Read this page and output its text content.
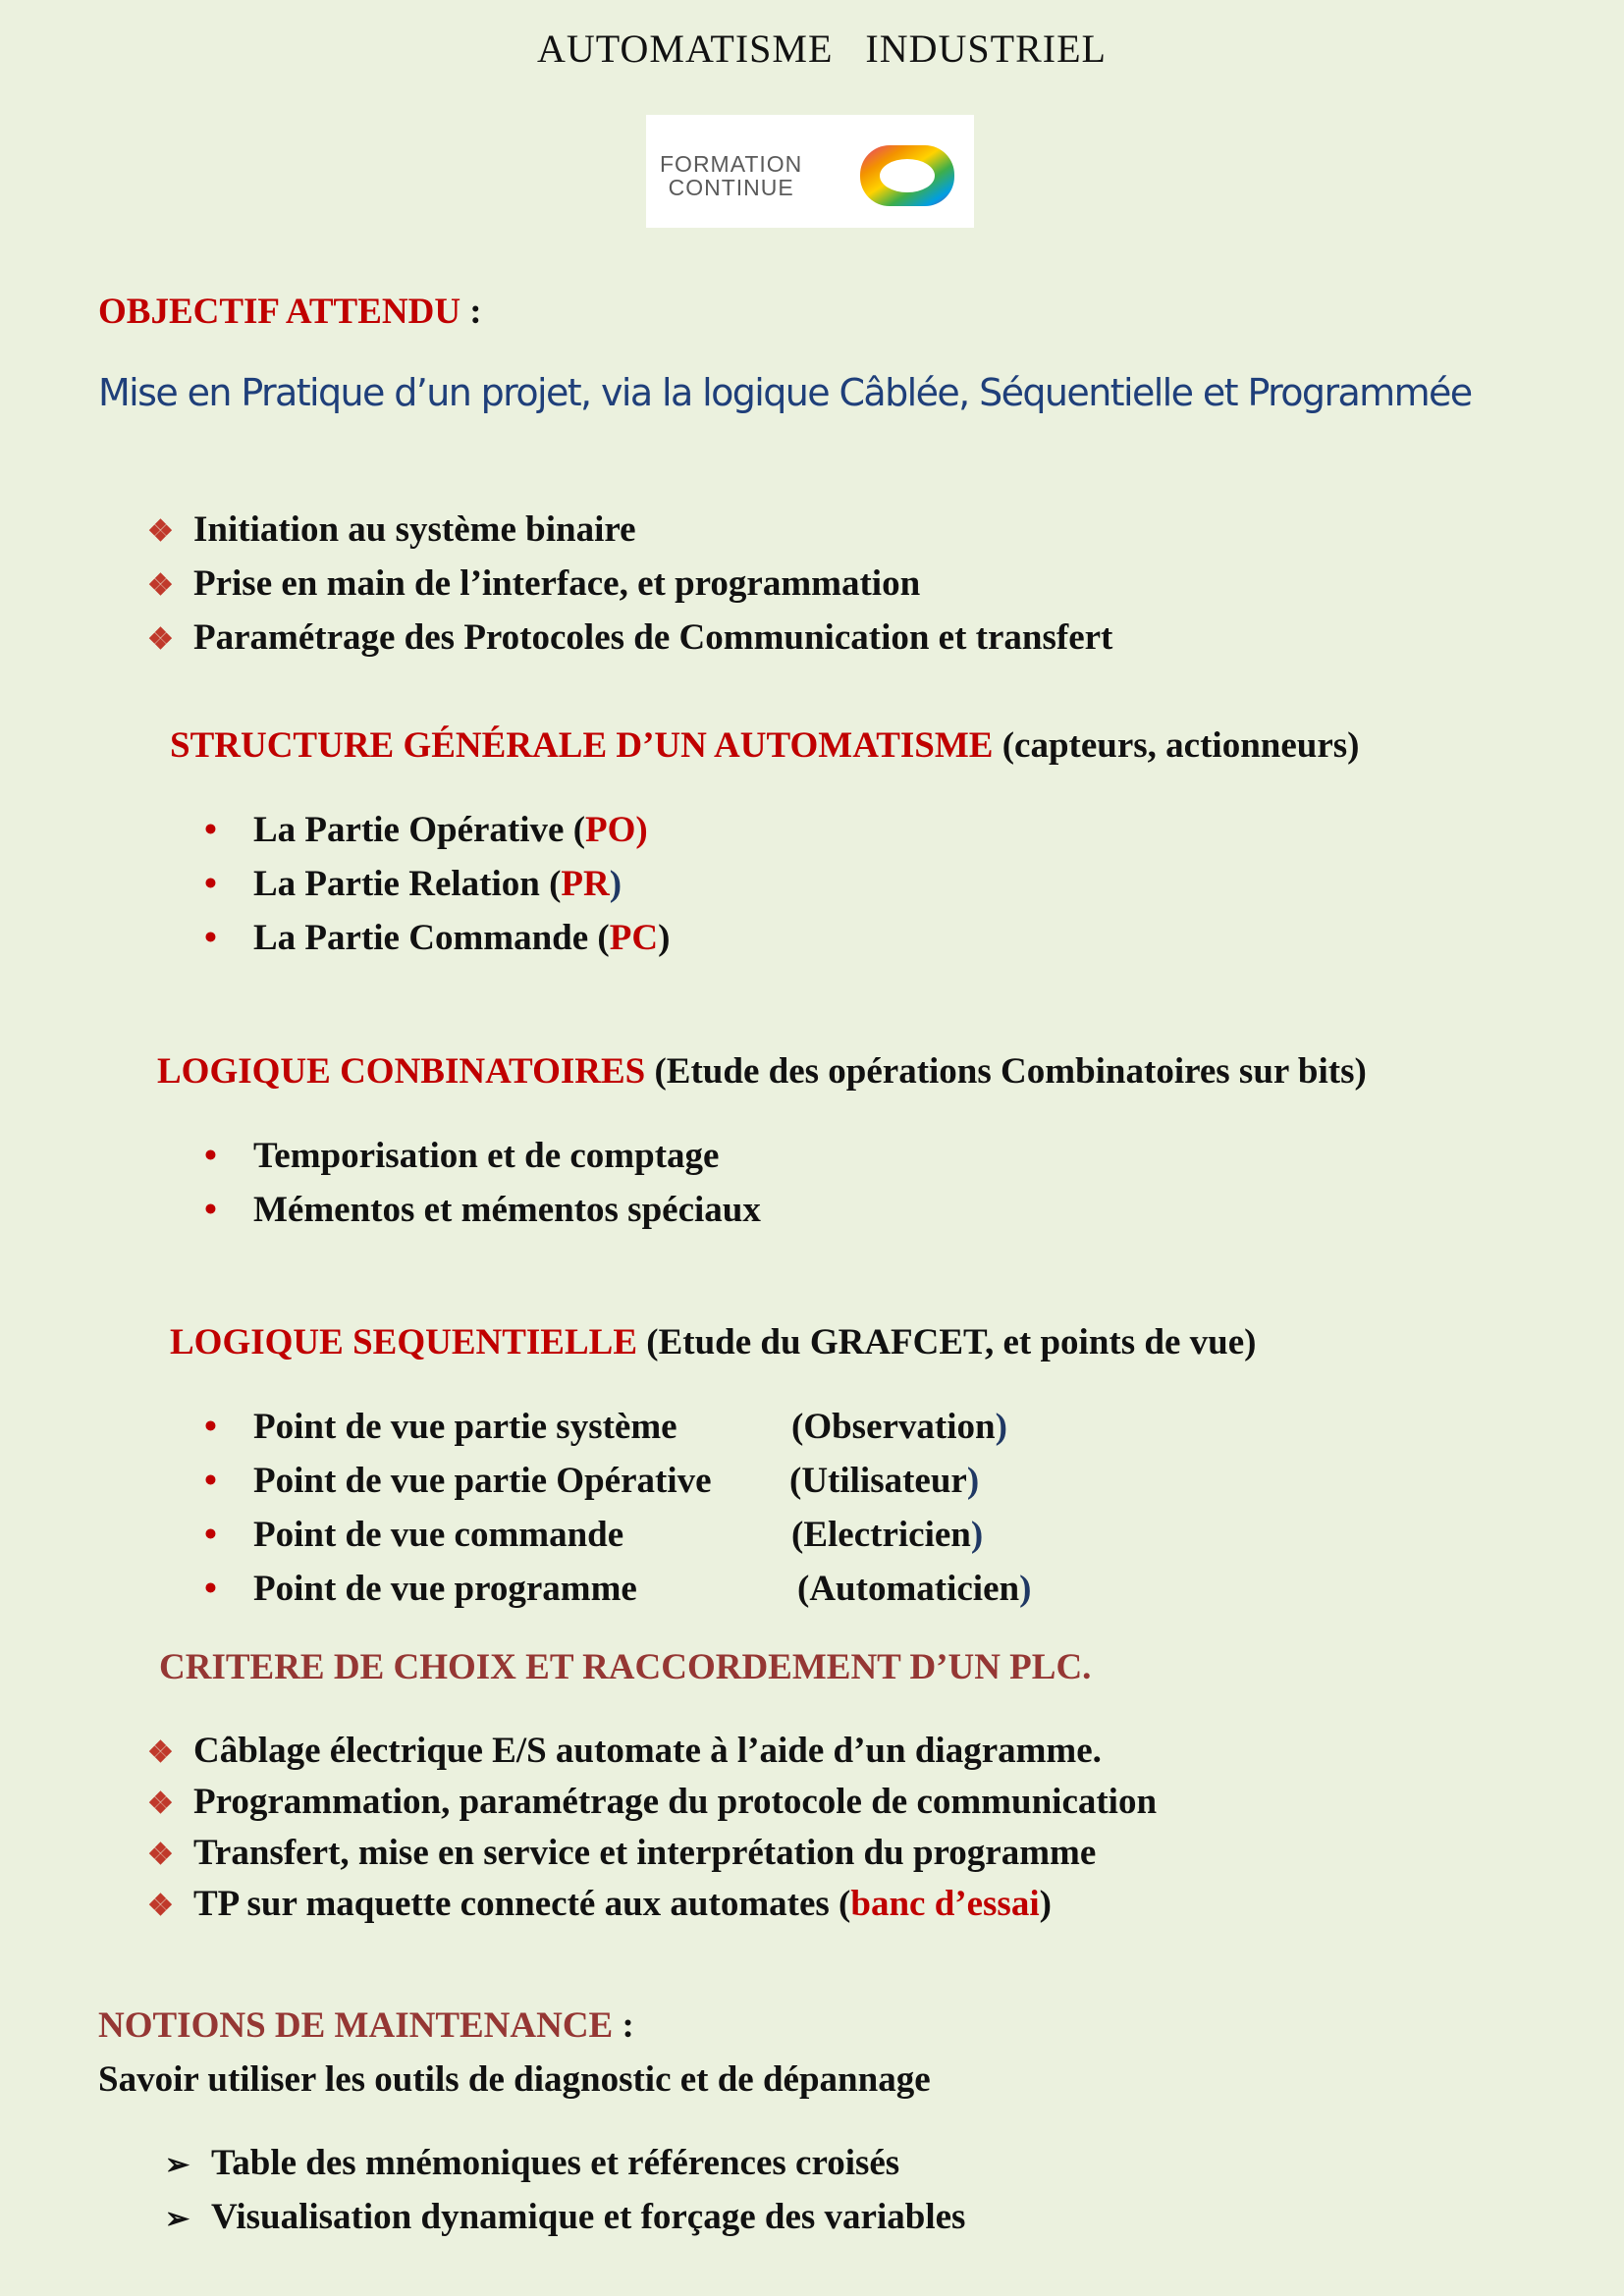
AUTOMATISME   INDUSTRIEL
FORMATION
CONTINUE
OBJECTIF ATTENDU :
Mise en Pratique d’un projet, via la logique Câblée, Séquentielle et Programmée
❖ Initiation au système binaire
❖ Prise en main de l’interface, et programmation
❖ Paramétrage des Protocoles de Communication et transfert
STRUCTURE GÉNÉRALE D’UN AUTOMATISME (capteurs, actionneurs)
• La Partie Opérative (PO)
• La Partie Relation (PR)
• La Partie Commande (PC)
LOGIQUE CONBINATOIRES (Etude des opérations Combinatoires sur bits)
• Temporisation et de comptage
• Mémentos et mémentos spéciaux
LOGIQUE SEQUENTIELLE (Etude du GRAFCET, et points de vue)
• Point de vue partie système	(Observation)
• Point de vue partie Opérative (Utilisateur)
• Point de vue commande	(Electricien)
• Point de vue programme	(Automaticien)
CRITERE DE CHOIX ET RACCORDEMENT D’UN PLC.
❖ Câblage électrique E/S automate à l’aide d’un diagramme.
❖ Programmation, paramétrage du protocole de communication
❖ Transfert, mise en service et interprétation du programme
❖ TP sur maquette connecté aux automates (banc d’essai)
NOTIONS DE MAINTENANCE :
Savoir utiliser les outils de diagnostic et de dépannage
➢ Table des mnémoniques et références croisés
➢ Visualisation dynamique et forçage des variables
